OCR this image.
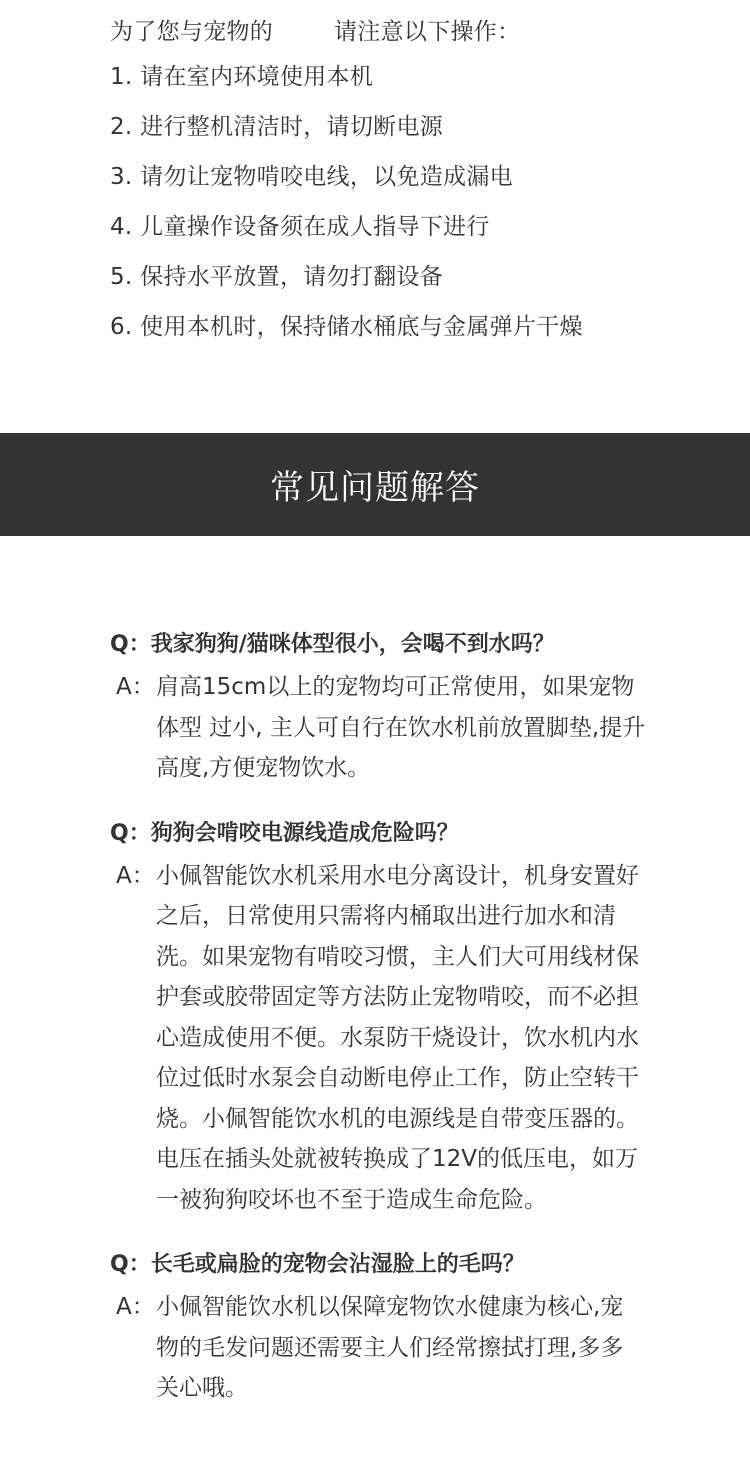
为了您与宠物的        请注意以下操作：
1. 请在室内环境使用本机
2. 进行整机清洁时，请切断电源
3. 请勿让宠物啃咬电线，以免造成漏电
4. 儿童操作设备须在成人指导下进行
5. 保持水平放置，请勿打翻设备
6. 使用本机时，保持储水桶底与金属弹片干燥
常见问题解答
Q：我家狗狗/猫咪体型很小，会喝不到水吗？
A： 肩高15cm以上的宠物均可正常使用，如果宠物体型 过小, 主人可自行在饮水机前放置脚垫,提升高度,方便宠物饮水。
Q：狗狗会啃咬电源线造成危险吗？
A： 小佩智能饮水机采用水电分离设计，机身安置好之后，日常使用只需将内桶取出进行加水和清洗。如果宠物有啃咬习惯，主人们大可用线材保护套或胶带固定等方法防止宠物啃咬，而不必担心造成使用不便。水泵防干烧设计，饮水机内水位过低时水泵会自动断电停止工作，防止空转干烧。小佩智能饮水机的电源线是自带变压器的。电压在插头处就被转换成了12V的低压电，如万一被狗狗咬坏也不至于造成生命危险。
Q：长毛或扁脸的宠物会沾湿脸上的毛吗？
A： 小佩智能饮水机以保障宠物饮水健康为核心,宠物的毛发问题还需要主人们经常擦拭打理,多多关心哦。
